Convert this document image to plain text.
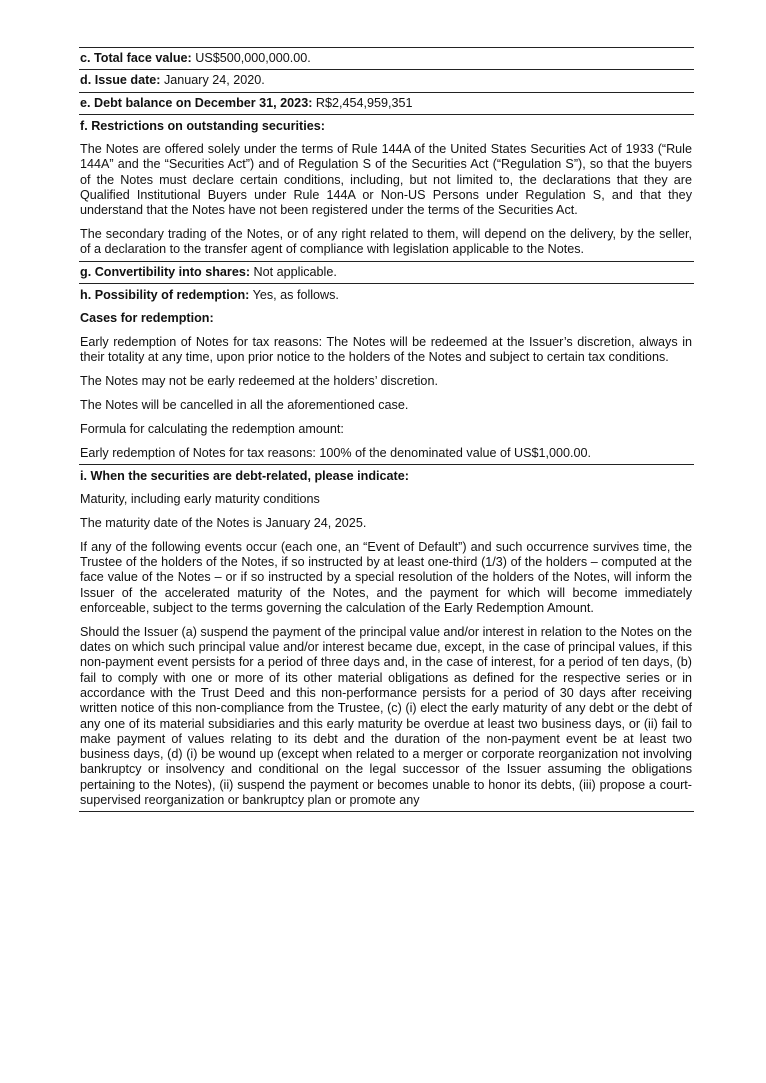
c. Total face value: US$500,000,000.00.
d. Issue date: January 24, 2020.
e. Debt balance on December 31, 2023: R$2,454,959,351
f. Restrictions on outstanding securities:

The Notes are offered solely under the terms of Rule 144A of the United States Securities Act of 1933 (“Rule 144A” and the “Securities Act”) and of Regulation S of the Securities Act (“Regulation S”), so that the buyers of the Notes must declare certain conditions, including, but not limited to, the declarations that they are Qualified Institutional Buyers under Rule 144A or Non-US Persons under Regulation S, and that they understand that the Notes have not been registered under the terms of the Securities Act.

The secondary trading of the Notes, or of any right related to them, will depend on the delivery, by the seller, of a declaration to the transfer agent of compliance with legislation applicable to the Notes.

g. Convertibility into shares: Not applicable.
h. Possibility of redemption: Yes, as follows.

Cases for redemption:

Early redemption of Notes for tax reasons: The Notes will be redeemed at the Issuer’s discretion, always in their totality at any time, upon prior notice to the holders of the Notes and subject to certain tax conditions.

The Notes may not be early redeemed at the holders’ discretion.

The Notes will be cancelled in all the aforementioned case.

Formula for calculating the redemption amount:

Early redemption of Notes for tax reasons: 100% of the denominated value of US$1,000.00.

i. When the securities are debt-related, please indicate:

Maturity, including early maturity conditions

The maturity date of the Notes is January 24, 2025.

If any of the following events occur (each one, an “Event of Default”) and such occurrence survives time, the Trustee of the holders of the Notes, if so instructed by at least one-third (1/3) of the holders – computed at the face value of the Notes – or if so instructed by a special resolution of the holders of the Notes, will inform the Issuer of the accelerated maturity of the Notes, and the payment for which will become immediately enforceable, subject to the terms governing the calculation of the Early Redemption Amount.

Should the Issuer (a) suspend the payment of the principal value and/or interest in relation to the Notes on the dates on which such principal value and/or interest became due, except, in the case of principal values, if this non-payment event persists for a period of three days and, in the case of interest, for a period of ten days, (b) fail to comply with one or more of its other material obligations as defined for the respective series or in accordance with the Trust Deed and this non-performance persists for a period of 30 days after receiving written notice of this non-compliance from the Trustee, (c) (i) elect the early maturity of any debt or the debt of any one of its material subsidiaries and this early maturity be overdue at least two business days, or (ii) fail to make payment of values relating to its debt and the duration of the non-payment event be at least two business days, (d) (i) be wound up (except when related to a merger or corporate reorganization not involving bankruptcy or insolvency and conditional on the legal successor of the Issuer assuming the obligations pertaining to the Notes), (ii) suspend the payment or becomes unable to honor its debts, (iii) propose a court-supervised reorganization or bankruptcy plan or promote any
